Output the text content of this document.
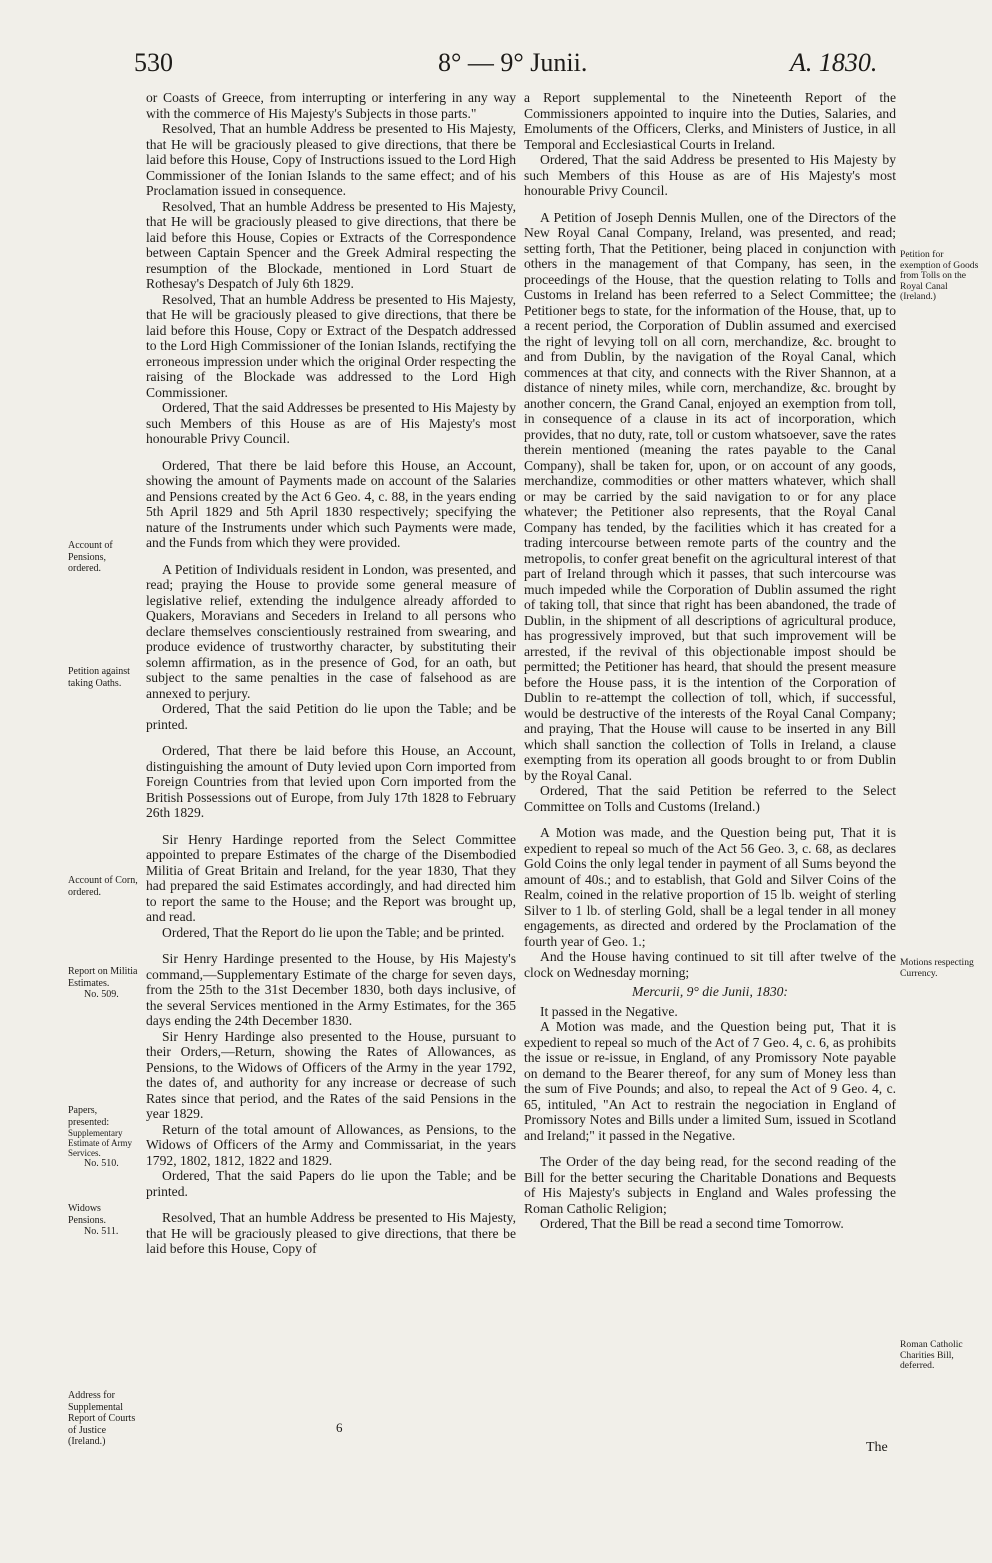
530	8° — 9° Junii.	A. 1830.

or Coasts of Greece, from interrupting or interfering in any way with the commerce of His Majesty's Subjects in those parts."

Resolved, That an humble Address be presented to His Majesty, that He will be graciously pleased to give directions, that there be laid before this House, Copy of Instructions issued to the Lord High Commissioner of the Ionian Islands to the same effect; and of his Proclamation issued in consequence.

Resolved, That an humble Address be presented to His Majesty, that He will be graciously pleased to give directions, that there be laid before this House, Copies or Extracts of the Correspondence between Captain Spencer and the Greek Admiral respecting the resumption of the Blockade, mentioned in Lord Stuart de Rothesay's Despatch of July 6th 1829.

Resolved, That an humble Address be presented to His Majesty, that He will be graciously pleased to give directions, that there be laid before this House, Copy or Extract of the Despatch addressed to the Lord High Commissioner of the Ionian Islands, rectifying the erroneous impression under which the original Order respecting the raising of the Blockade was addressed to the Lord High Commissioner.

Ordered, That the said Addresses be presented to His Majesty by such Members of this House as are of His Majesty's most honourable Privy Council.

Ordered, That there be laid before this House, an Account, showing the amount of Payments made on account of the Salaries and Pensions created by the Act 6 Geo. 4, c. 88, in the years ending 5th April 1829 and 5th April 1830 respectively; specifying the nature of the Instruments under which such Payments were made, and the Funds from which they were provided.

A Petition of Individuals resident in London, was presented, and read; praying the House to provide some general measure of legislative relief, extending the indulgence already afforded to Quakers, Moravians and Seceders in Ireland to all persons who declare themselves conscientiously restrained from swearing, and produce evidence of trustworthy character, by substituting their solemn affirmation, as in the presence of God, for an oath, but subject to the same penalties in the case of falsehood as are annexed to perjury.

Ordered, That the said Petition do lie upon the Table; and be printed.

Ordered, That there be laid before this House, an Account, distinguishing the amount of Duty levied upon Corn imported from Foreign Countries from that levied upon Corn imported from the British Possessions out of Europe, from July 17th 1828 to February 26th 1829.

Sir Henry Hardinge reported from the Select Committee appointed to prepare Estimates of the charge of the Disembodied Militia of Great Britain and Ireland, for the year 1830, That they had prepared the said Estimates accordingly, and had directed him to report the same to the House; and the Report was brought up, and read.

Ordered, That the Report do lie upon the Table; and be printed.

Sir Henry Hardinge presented to the House, by His Majesty's command,—Supplementary Estimate of the charge for seven days, from the 25th to the 31st December 1830, both days inclusive, of the several Services mentioned in the Army Estimates, for the 365 days ending the 24th December 1830.

Sir Henry Hardinge also presented to the House, pursuant to their Orders,—Return, showing the Rates of Allowances, as Pensions, to the Widows of Officers of the Army in the year 1792, the dates of, and authority for any increase or decrease of such Rates since that period, and the Rates of the said Pensions in the year 1829.

Return of the total amount of Allowances, as Pensions, to the Widows of Officers of the Army and Commissariat, in the years 1792, 1802, 1812, 1822 and 1829.

Ordered, That the said Papers do lie upon the Table; and be printed.

Resolved, That an humble Address be presented to His Majesty, that He will be graciously pleased to give directions, that there be laid before this House, Copy of

a Report supplemental to the Nineteenth Report of the Commissioners appointed to inquire into the Duties, Salaries, and Emoluments of the Officers, Clerks, and Ministers of Justice, in all Temporal and Ecclesiastical Courts in Ireland.

Ordered, That the said Address be presented to His Majesty by such Members of this House as are of His Majesty's most honourable Privy Council.

A Petition of Joseph Dennis Mullen, one of the Directors of the New Royal Canal Company, Ireland, was presented, and read; setting forth, That the Petitioner, being placed in conjunction with others in the management of that Company, has seen, in the proceedings of the House, that the question relating to Tolls and Customs in Ireland has been referred to a Select Committee; the Petitioner begs to state, for the information of the House, that, up to a recent period, the Corporation of Dublin assumed and exercised the right of levying toll on all corn, merchandize, &c. brought to and from Dublin, by the navigation of the Royal Canal, which commences at that city, and connects with the River Shannon, at a distance of ninety miles, while corn, merchandize, &c. brought by another concern, the Grand Canal, enjoyed an exemption from toll, in consequence of a clause in its act of incorporation, which provides, that no duty, rate, toll or custom whatsoever, save the rates therein mentioned (meaning the rates payable to the Canal Company), shall be taken for, upon, or on account of any goods, merchandize, commodities or other matters whatever, which shall or may be carried by the said navigation to or for any place whatever; the Petitioner also represents, that the Royal Canal Company has tended, by the facilities which it has created for a trading intercourse between remote parts of the country and the metropolis, to confer great benefit on the agricultural interest of that part of Ireland through which it passes, that such intercourse was much impeded while the Corporation of Dublin assumed the right of taking toll, that since that right has been abandoned, the trade of Dublin, in the shipment of all descriptions of agricultural produce, has progressively improved, but that such improvement will be arrested, if the revival of this objectionable impost should be permitted; the Petitioner has heard, that should the present measure before the House pass, it is the intention of the Corporation of Dublin to re-attempt the collection of toll, which, if successful, would be destructive of the interests of the Royal Canal Company; and praying, That the House will cause to be inserted in any Bill which shall sanction the collection of Tolls in Ireland, a clause exempting from its operation all goods brought to or from Dublin by the Royal Canal.

Ordered, That the said Petition be referred to the Select Committee on Tolls and Customs (Ireland.)

A Motion was made, and the Question being put, That it is expedient to repeal so much of the Act 56 Geo. 3, c. 68, as declares Gold Coins the only legal tender in payment of all Sums beyond the amount of 40s.; and to establish, that Gold and Silver Coins of the Realm, coined in the relative proportion of 15 lb. weight of sterling Silver to 1 lb. of sterling Gold, shall be a legal tender in all money engagements, as directed and ordered by the Proclamation of the fourth year of Geo. 1.;

And the House having continued to sit till after twelve of the clock on Wednesday morning;

Mercurii, 9° die Junii, 1830:

It passed in the Negative.

A Motion was made, and the Question being put, That it is expedient to repeal so much of the Act of 7 Geo. 4, c. 6, as prohibits the issue or re-issue, in England, of any Promissory Note payable on demand to the Bearer thereof, for any sum of Money less than the sum of Five Pounds; and also, to repeal the Act of 9 Geo. 4, c. 65, intituled, "An Act to restrain the negociation in England of Promissory Notes and Bills under a limited Sum, issued in Scotland and Ireland;" it passed in the Negative.

The Order of the day being read, for the second reading of the Bill for the better securing the Charitable Donations and Bequests of His Majesty's subjects in England and Wales professing the Roman Catholic Religion;

Ordered, That the Bill be read a second time Tomorrow.

Account of Pensions, ordered.
Petition against taking Oaths.
Account of Corn, ordered.
Report on Militia Estimates.
No. 509.
Papers, presented:
Supplementary Estimate of Army Services.
No. 510.
Widows Pensions.
No. 511.
Address for Supplemental Report of Courts of Justice (Ireland.)
Petition for exemption of Goods from Tolls on the Royal Canal (Ireland.)
Motions respecting Currency.
Roman Catholic Charities Bill, deferred.
6
The
